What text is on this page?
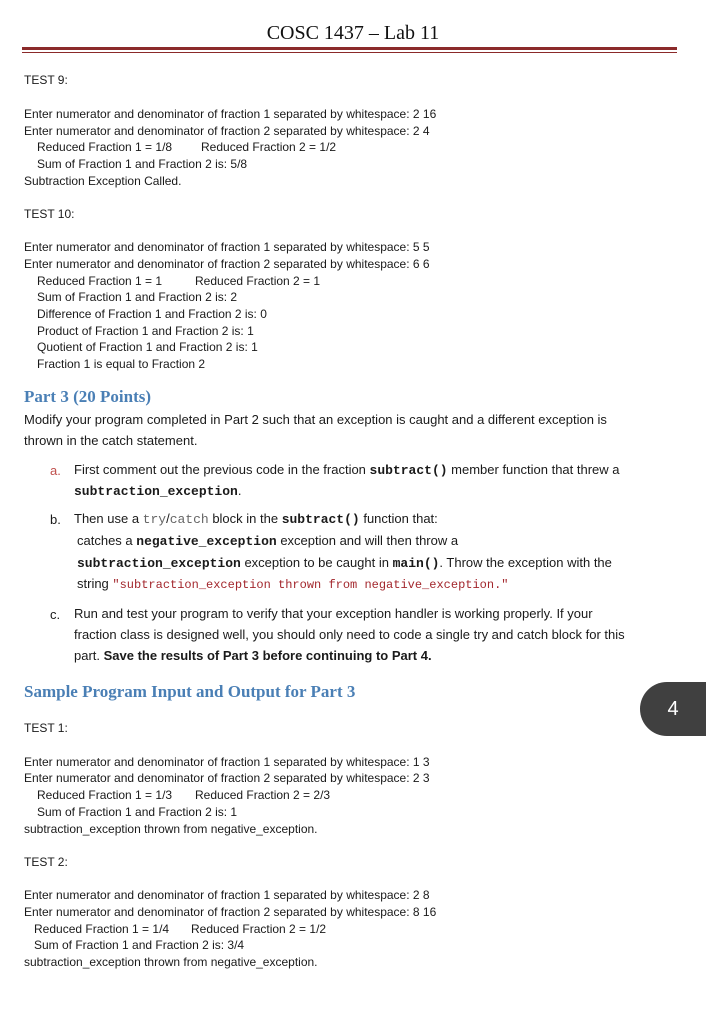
COSC 1437 – Lab 11
TEST 9:
Enter numerator and denominator of fraction 1 separated by whitespace: 2 16
Enter numerator and denominator of fraction 2 separated by whitespace: 2 4
Reduced Fraction 1 = 1/8 Reduced Fraction 2 = 1/2
Sum of Fraction 1 and Fraction 2 is: 5/8
Subtraction Exception Called.
TEST 10:
Enter numerator and denominator of fraction 1 separated by whitespace: 5 5
Enter numerator and denominator of fraction 2 separated by whitespace: 6 6
Reduced Fraction 1 = 1	Reduced Fraction 2 = 1
Sum of Fraction 1 and Fraction 2 is: 2
Difference of Fraction 1 and Fraction 2 is: 0
Product of Fraction 1 and Fraction 2 is: 1
Quotient of Fraction 1 and Fraction 2 is: 1
Fraction 1 is equal to Fraction 2
Part 3 (20 Points)
Modify your program completed in Part 2 such that an exception is caught and a different exception is
thrown in the catch statement.
a. First comment out the previous code in the fraction subtract() member function that threw a
subtraction_exception.
b. Then use a try/catch block in the subtract() function that:
catches a negative_exception exception and will then throw a
subtraction_exception exception to be caught in main(). Throw the exception with the
string "subtraction_exception thrown from negative_exception."
c. Run and test your program to verify that your exception handler is working properly. If your
fraction class is designed well, you should only need to code a single try and catch block for this
part. Save the results of Part 3 before continuing to Part 4.
Sample Program Input and Output for Part 3
4
TEST 1:
Enter numerator and denominator of fraction 1 separated by whitespace: 1 3
Enter numerator and denominator of fraction 2 separated by whitespace: 2 3
Reduced Fraction 1 = 1/3 Reduced Fraction 2 = 2/3
Sum of Fraction 1 and Fraction 2 is: 1
subtraction_exception thrown from negative_exception.
TEST 2:
Enter numerator and denominator of fraction 1 separated by whitespace: 2 8
Enter numerator and denominator of fraction 2 separated by whitespace: 8 16
Reduced Fraction 1 = 1/4 Reduced Fraction 2 = 1/2
Sum of Fraction 1 and Fraction 2 is: 3/4
subtraction_exception thrown from negative_exception.
